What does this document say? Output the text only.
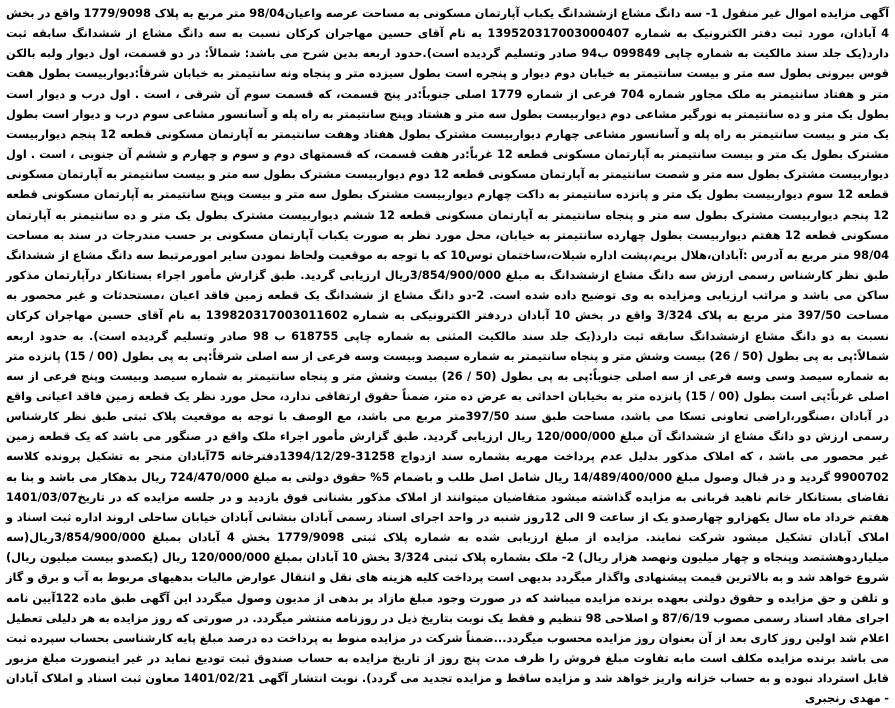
آگهی مزایده اموال غیر منقول 1- سه دانگ مشاع ازششدانگ یکباب آپارتمان مسکونی به مساحت عرصه واعیان98/04 متر مربع به پلاک 1779/9098 واقع در بخش 4 آبادان، مورد ثبت دفتر الکترونیک به شماره 139520317003000407 به نام آقای حسین مهاجران کرکان نسبت به سه دانگ مشاع از ششدانگ سابقه ثبت دارد(یک جلد سند مالکیت به شماره چاپی 099849 ب94 صادر وتسلیم گردیده است).حدود اربعه بدین شرح می باشد: شمالاً: در دو قسمت، اول دیوار ولبه بالکن قوس بیرونی بطول سه متر و بیست سانتیمتر به خیابان دوم دیوار و پنجره است بطول سیزده متر و پنجاه ونه سانتیمتر به خیابان شرقاً:دیواربیست بطول هفت متر و هفتاد سانتیمتر به ملک مجاور شماره 704 فرعی از شماره 1779 اصلی جنوباً:در پنج قسمت، که قسمت سوم آن شرقی ، است . اول درب و دیوار است بطول یک متر و ده سانتیمتر به نورگیر مشاعی دوم دیواربیست بطول سه متر و هشتاد وپنج سانتیمتر به راه پله و آسانسور مشاعی سوم درب و دیوار است بطول یک متر و بیست سانتیمتر به راه پله و آسانسور مشاعی چهارم دیواربیست مشترک بطول هفتاد وهفت سانتیمتر به آپارتمان مسکونی قطعه 12 پنجم دیواربیست مشترک بطول یک متر و بیست سانتیمتر به آپارتمان مسکونی قطعه 12 غرباً:در هفت قسمت، که قسمتهای دوم و سوم و چهارم و ششم آن جنوبی ، است . اول دیواربیست مشترک بطول سه متر و شصت سانتیمتر به آپارتمان مسکونی قطعه 12 دوم دیواربیست مشترک بطول سه متر و بیست سانتیمتر به آپارتمان مسکونی قطعه 12 سوم دیواربیست بطول یک متر و پانزده سانتیمتر به داکت چهارم دیواربیست مشترک بطول سه متر و بیست وپنج سانتیمتر به آپارتمان مسکونی قطعه 12 پنجم دیواربیست مشترک بطول سه متر و پنجاه سانتیمتر به آپارتمان مسکونی قطعه 12 ششم دیواربیست مشترک بطول یک متر و ده سانتیمتر به آپارتمان مسکونی قطعه 12 هفتم دیواربیست بطول چهارده سانتیمتر به خیابان، محل مورد نظر به صورت یکباب آپارتمان مسکونی بر حسب مندرجات در سند به مساحت 98/04 متر مربع به آدرس :آبادان،هلال بریم،پشت اداره شیلات،ساختمان توس10 که با توجه به موقعیت ولحاظ نمودن سایر امورمرتبط سه دانگ مشاع از ششدانگ طبق نظر کارشناس رسمی ارزش سه دانگ مشاع ازششدانگ به مبلغ 3/854/900/000ریال ارزیابی گردید. طبق گزارش مأمور اجراء بستانکار درآپارتمان مذکور ساکن می باشد و مراتب ارزیابی ومزایده به وی توضیح داده شده است. 2-دو دانگ مشاع از ششدانگ یک قطعه زمین فاقد اعیان ،مستحدثات و غیر محصور به مساحت 397/50 متر مربع به پلاک 3/324 واقع در بخش 10 آبادان دردفتر الکترونیکی به شماره 139820317003011602 به نام آقای حسین مهاجران کرکان نسبت به دو دانگ مشاع ازششدانگ سابقه ثبت دارد(یک جلد سند مالکیت المثنی به شماره چاپی 618755 ب 98 صادر وتسلیم گردیده است). به حدود اربعه شمالاً:پی به پی بطول (50 / 26) بیست وشش متر و پنجاه سانتیمتر به شماره سیصد وبیست وسه فرعی از سه اصلی شرقاً:پی به پی بطول (00 / 15) پانزده متر به شماره سیصد وسی وسه فرعی از سه اصلی جنوباً:پی به پی بطول (50 / 26) بیست وشش متر و پنجاه سانتیمتر به شماره سیصد وبیست وپنج فرعی از سه اصلی غرباً:پی است بطول (00 / 15) پانزده متر به بخیابان احداثی به عرض ده متر، ضمناً حقوق ارتفاقی ندارد، محل مورد نظر یک قطعه زمین فاقد اعیانی واقع در آبادان ،صنگور،اراضی تعاونی تسکا می باشد، مساحت طبق سند 397/50متر مربع می باشد، مع الوصف با توجه به موقعیت پلاک ثبتی طبق نظر کارشناس رسمی ارزش دو دانگ مشاع از ششدانگ آن مبلغ 120/000/000 ریال ارزیابی گردید. طبق گزارش مأمور اجراء ملک واقع در صنگور می باشد که یک قطعه زمین غیر محصور می باشد ، که املاک مذکور بدلیل عدم پرداخت مهریه بشماره سند ازدواج 31258-1394/12/29دفترخانه 75آبادان منجر به تشکیل پرونده کلاسه 9900702 گردید و در قبال وصول مبلغ 14/489/400/000 ریال شامل اصل طلب و باضمام 5% حقوق دولتی به مبلغ 724/470/000 ریال بدهکار می باشد و بنا به تقاضای بستانکار خانم ناهید قربانی به مزایده گذاشته میشود متقاضیان میتوانند از املاک مذکور بشنانی فوق بازدید و در جلسه مزایده که در تاریخ1401/03/07 هفتم خرداد ماه سال یکهزارو چهارصدو یک از ساعت 9 الی 12روز شنبه در واحد اجرای اسناد رسمی آبادان بنشانی آبادان خیابان ساحلی اروند اداره ثبت اسناد و املاک آبادان تشکیل میشود شرکت نمایند. مزایده از مبلغ ارزیابی شده به شماره پلاک ثبتی 1779/9098 بخش 4 آبادان بمبلغ 3/854/900/000ریال(سه میلیاردوهشتصد وپنجاه و چهار میلیون ونهصد هزار ریال) 2- ملک بشماره پلاک ثبتی 3/324 بخش 10 آبادان بمبلغ 120/000/000 ریال (یکصدو بیست میلیون ریال) شروع خواهد شد و به بالاترین قیمت پیشنهادی واگذار میگردد بدیهی است پرداخت کلیه هزینه های نقل و انتقال عوارض مالیات بدهیهای مربوط به آب و برق و گاز و تلفن و حق مزایده و حقوق دولتی بعهده برنده مزایده میباشد که در صورت وجود مبلغ مازاد بر بدهی از مدیون وصول میگردد این آگهی طبق ماده 122آیین نامه اجرای مفاد اسناد رسمی مصوب 87/6/19 و اصلاحی 98 تنظیم و فقط یک نوبت بتاریخ ذیل در روزنامه منتشر میگردد. در صورتی که روز مزایده به هر دلیلی تعطیل اعلام شد اولین روز کاری بعد از آن بعنوان روز مزایده محسوب میگردد...ضمناً شرکت در مزایده منوط به پرداخت ده درصد مبلغ پایه کارشناسی بحساب سپرده ثبت می باشد برنده مزایده مکلف است مابه تفاوت مبلغ فروش را ظرف مدت پنج روز از تاریخ مزایده به حساب صندوق ثبت تودیع نماید در غیر اینصورت مبلغ مزبور قابل استرداد نبوده و به حساب خزانه واریز خواهد شد و مزایده ساقط و مزایده تجدید می گردد). نوبت انتشار آگهی 1401/02/21 معاون ثبت اسناد و املاک آبادان - مهدی رنجبری
